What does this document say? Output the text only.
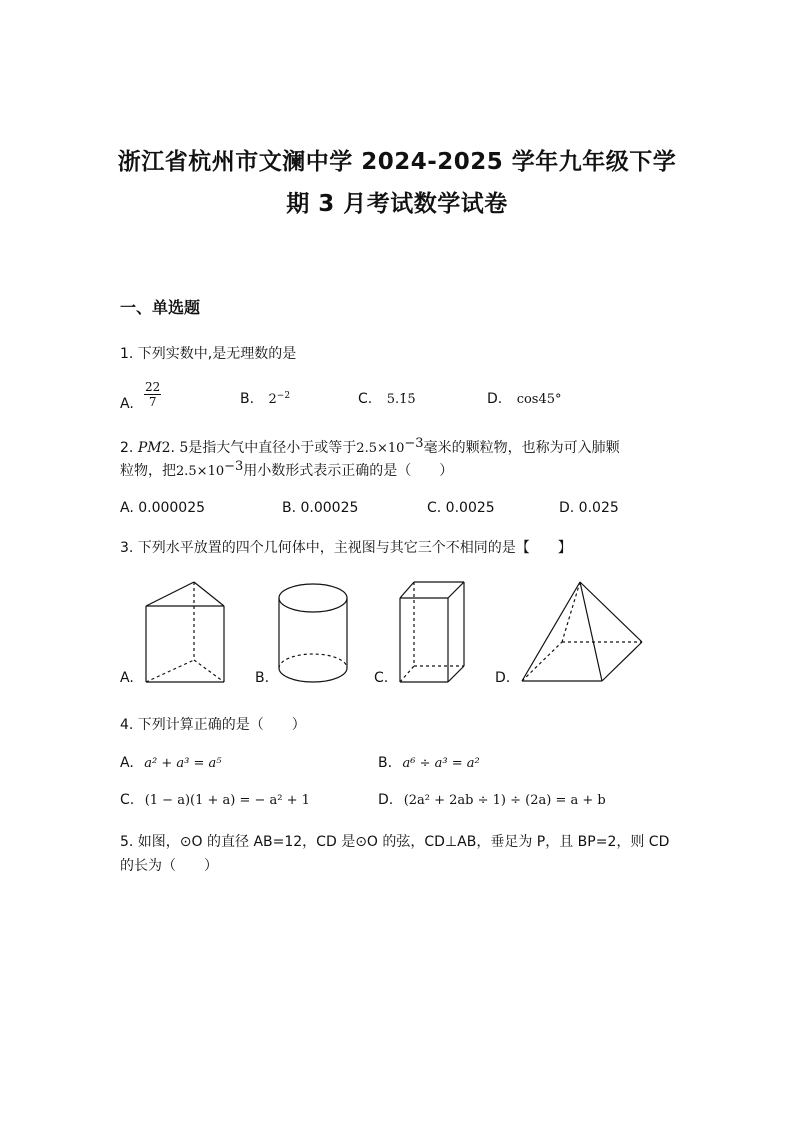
浙江省杭州市文澜中学 2024-2025 学年九年级下学
期 3 月考试数学试卷
一、单选题
1. 下列实数中,是无理数的是
A. $\frac{22}{7}$	B. $2^{-2}$	C. 5.1̇5̇	D. cos45°
2. PM2. 5是指大气中直径小于或等于$2.5\times 10^{-3}$毫米的颗粒物，也称为可入肺颗
粒物，把$2.5\times 10^{-3}$用小数形式表示正确的是（　　）
A. 0.000025	B. 0.00025	C. 0.0025	D. 0.025
3. 下列水平放置的四个几何体中，主视图与其它三个不相同的是【　　】
A.	B.	C.	D.
4. 下列计算正确的是（　　）
A. a² + a³ = a⁵	B. a⁶ ÷ a³ = a²
C. (1 − a)(1 + a) = − a² + 1	D. (2a² + 2ab ÷ 1) ÷ (2a) = a + b
5. 如图，⊙O 的直径 AB=12，CD 是⊙O 的弦，CD⊥AB，垂足为 P，且 BP=2，则 CD
的长为（　　）
